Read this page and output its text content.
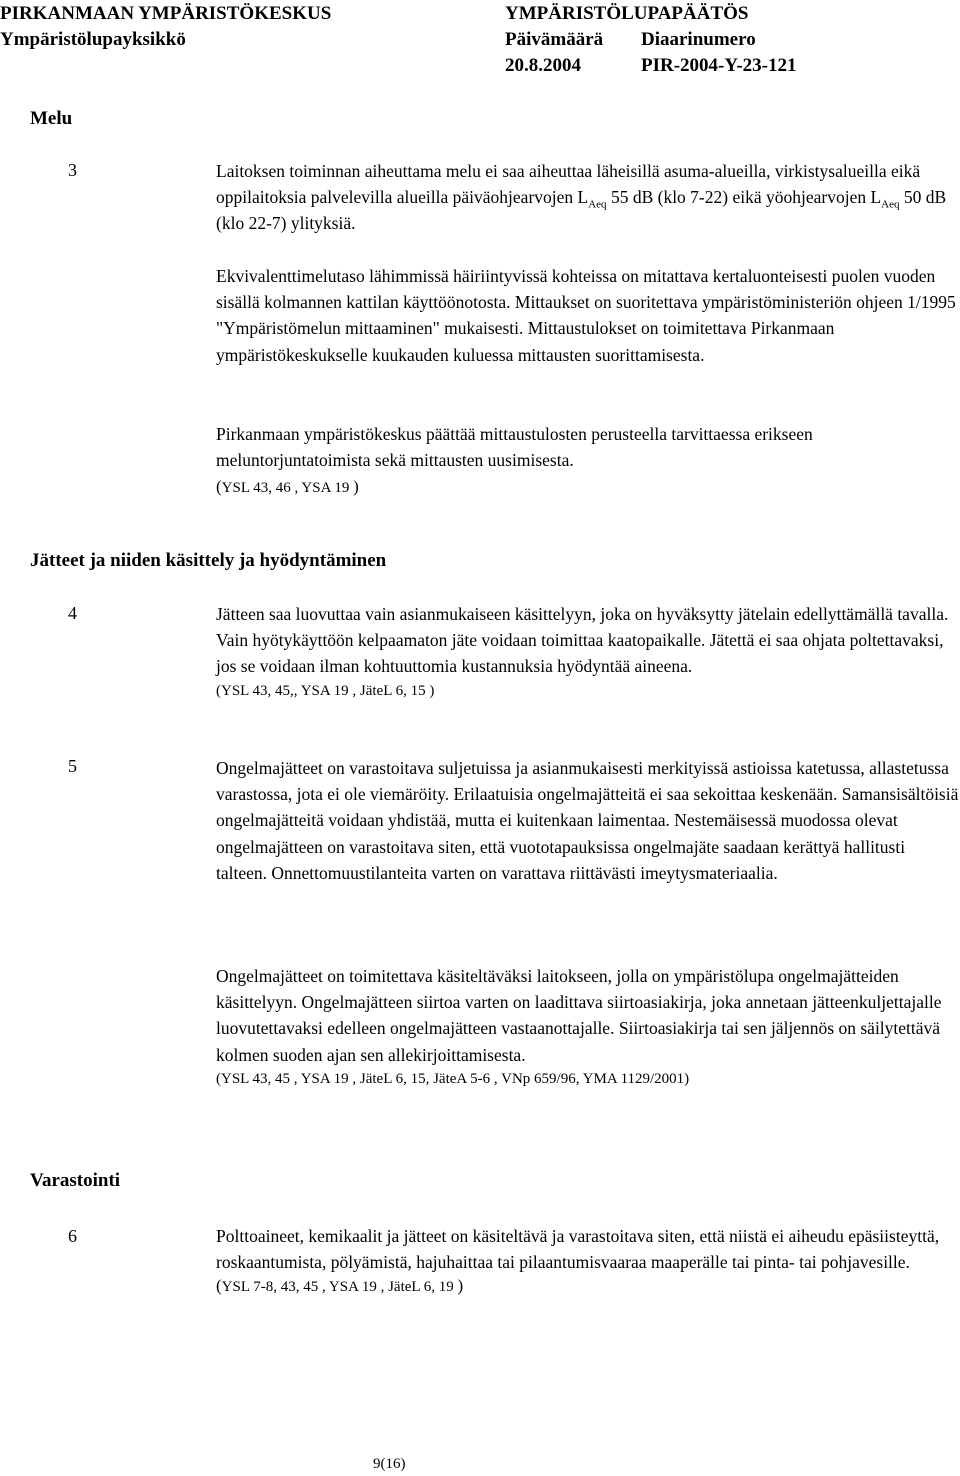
PIRKANMAAN YMPÄRISTÖKESKUS
Ympäristölupayksikkö
YMPÄRISTÖLUPAPÄÄTÖS
Päivämäärä Diaarinumero
20.8.2004	PIR-2004-Y-23-121
Melu
3	Laitoksen toiminnan aiheuttama melu ei saa aiheuttaa läheisillä asuma-alueilla, virkistysalueilla eikä oppilaitoksia palvelevilla alueilla päiväohjearvojen $L_{Aeq}$ 55 dB (klo 7-22) eikä yöohjearvojen $L_{Aeq}$ 50 dB (klo 22-7) ylityksiä.

Ekvivalenttimelutaso lähimmissä häiriintyvissä kohteissa on mitattava kertaluonteisesti puolen vuoden sisällä kolmannen kattilan käyttöönotosta. Mittaukset on suoritettava ympäristöministeriön ohjeen 1/1995 "Ympäristömelun mittaaminen" mukaisesti. Mittaustulokset on toimitettava Pirkanmaan ympäristökeskukselle kuukauden kuluessa mittausten suorittamisesta.

Pirkanmaan ympäristökeskus päättää mittaustulosten perusteella tarvittaessa erikseen meluntorjuntatoimista sekä mittausten uusimisesta.

(YSL 43, 46 , YSA 19 )

Jätteet ja niiden käsittely ja hyödyntäminen
4	Jätteen saa luovuttaa vain asianmukaiseen käsittelyyn, joka on hyväksytty jätelain edellyttämällä tavalla. Vain hyötykäyttöön kelpaamaton jäte voidaan toimittaa kaatopaikalle. Jätettä ei saa ohjata poltettavaksi, jos se voidaan ilman kohtuuttomia kustannuksia hyödyntää aineena.

(YSL 43, 45,, YSA 19 , JäteL 6, 15 )

5	Ongelmajätteet on varastoitava suljetuissa ja asianmukaisesti merkityissä astioissa katetussa, allastetussa varastossa, jota ei ole viemäröity. Erilaatuisia ongelmajätteitä ei saa sekoittaa keskenään. Samansisältöisiä ongelmajätteitä voidaan yhdistää, mutta ei kuitenkaan laimentaa. Nestemäisessä muodossa olevat ongelmajätteen on varastoitava siten, että vuototapauksissa ongelmajäte saadaan kerättyä hallitusti talteen. Onnettomuustilanteita varten on varattava riittävästi imeytysmateriaalia.

Ongelmajätteet on toimitettava käsiteltäväksi laitokseen, jolla on ympäristölupa ongelmajätteiden käsittelyyn. Ongelmajätteen siirtoa varten on laadittava siirtoasiakirja, joka annetaan jätteenkuljettajalle luovutettavaksi edelleen ongelmajätteen vastaanottajalle. Siirtoasiakirja tai sen jäljennös on säilytettävä kolmen suoden ajan sen allekirjoittamisesta.

(YSL 43, 45 , YSA 19 , JäteL 6, 15, JäteA 5-6 , VNp 659/96, YMA 1129/2001)

Varastointi
6	Polttoaineet, kemikaalit ja jätteet on käsiteltävä ja varastoitava siten, että niistä ei aiheudu epäsiisteyttä, roskaantumista, pölyämistä, hajuhaittaa tai pilaantumisvaaraa maaperälle tai pinta- tai pohjavesille.

(YSL 7-8, 43, 45 , YSA 19 , JäteL 6, 19 )

9(16)
